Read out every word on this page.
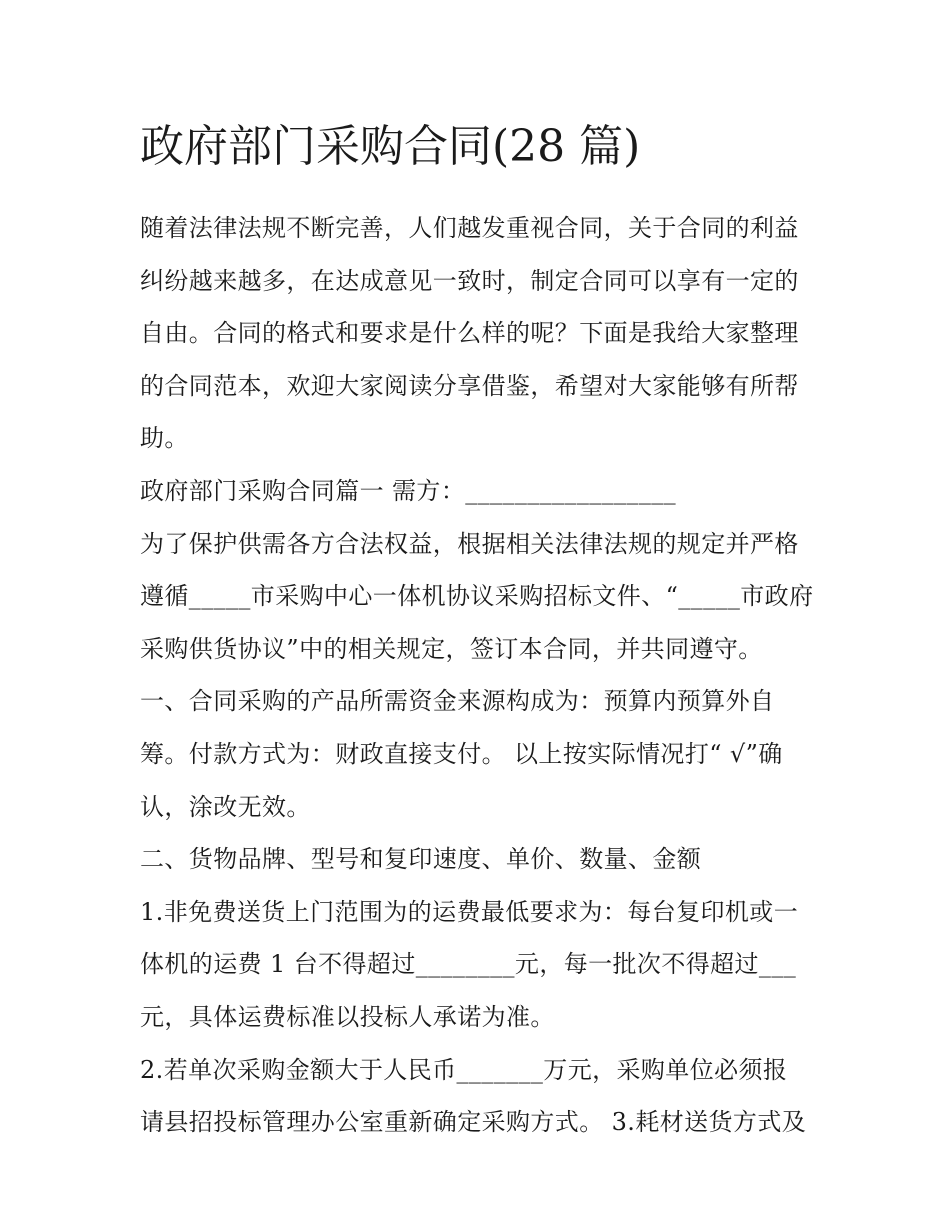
政府部门采购合同(28 篇)
随着法律法规不断完善，人们越发重视合同，关于合同的利益
纠纷越来越多，在达成意见一致时，制定合同可以享有一定的
自由。合同的格式和要求是什么样的呢？下面是我给大家整理
的合同范本，欢迎大家阅读分享借鉴，希望对大家能够有所帮
助。
政府部门采购合同篇一 需方：_________________
为了保护供需各方合法权益，根据相关法律法规的规定并严格
遵循_____市采购中心一体机协议采购招标文件、“_____市政府
采购供货协议”中的相关规定，签订本合同，并共同遵守。
一、合同采购的产品所需资金来源构成为：预算内预算外自
筹。付款方式为：财政直接支付。 以上按实际情况打“ √”确
认，涂改无效。
二、货物品牌、型号和复印速度、单价、数量、金额
1.非免费送货上门范围为的运费最低要求为：每台复印机或一
体机的运费 1 台不得超过________元，每一批次不得超过___
元，具体运费标准以投标人承诺为准。
2.若单次采购金额大于人民币_______万元，采购单位必须报
请县招投标管理办公室重新确定采购方式。 3.耗材送货方式及
